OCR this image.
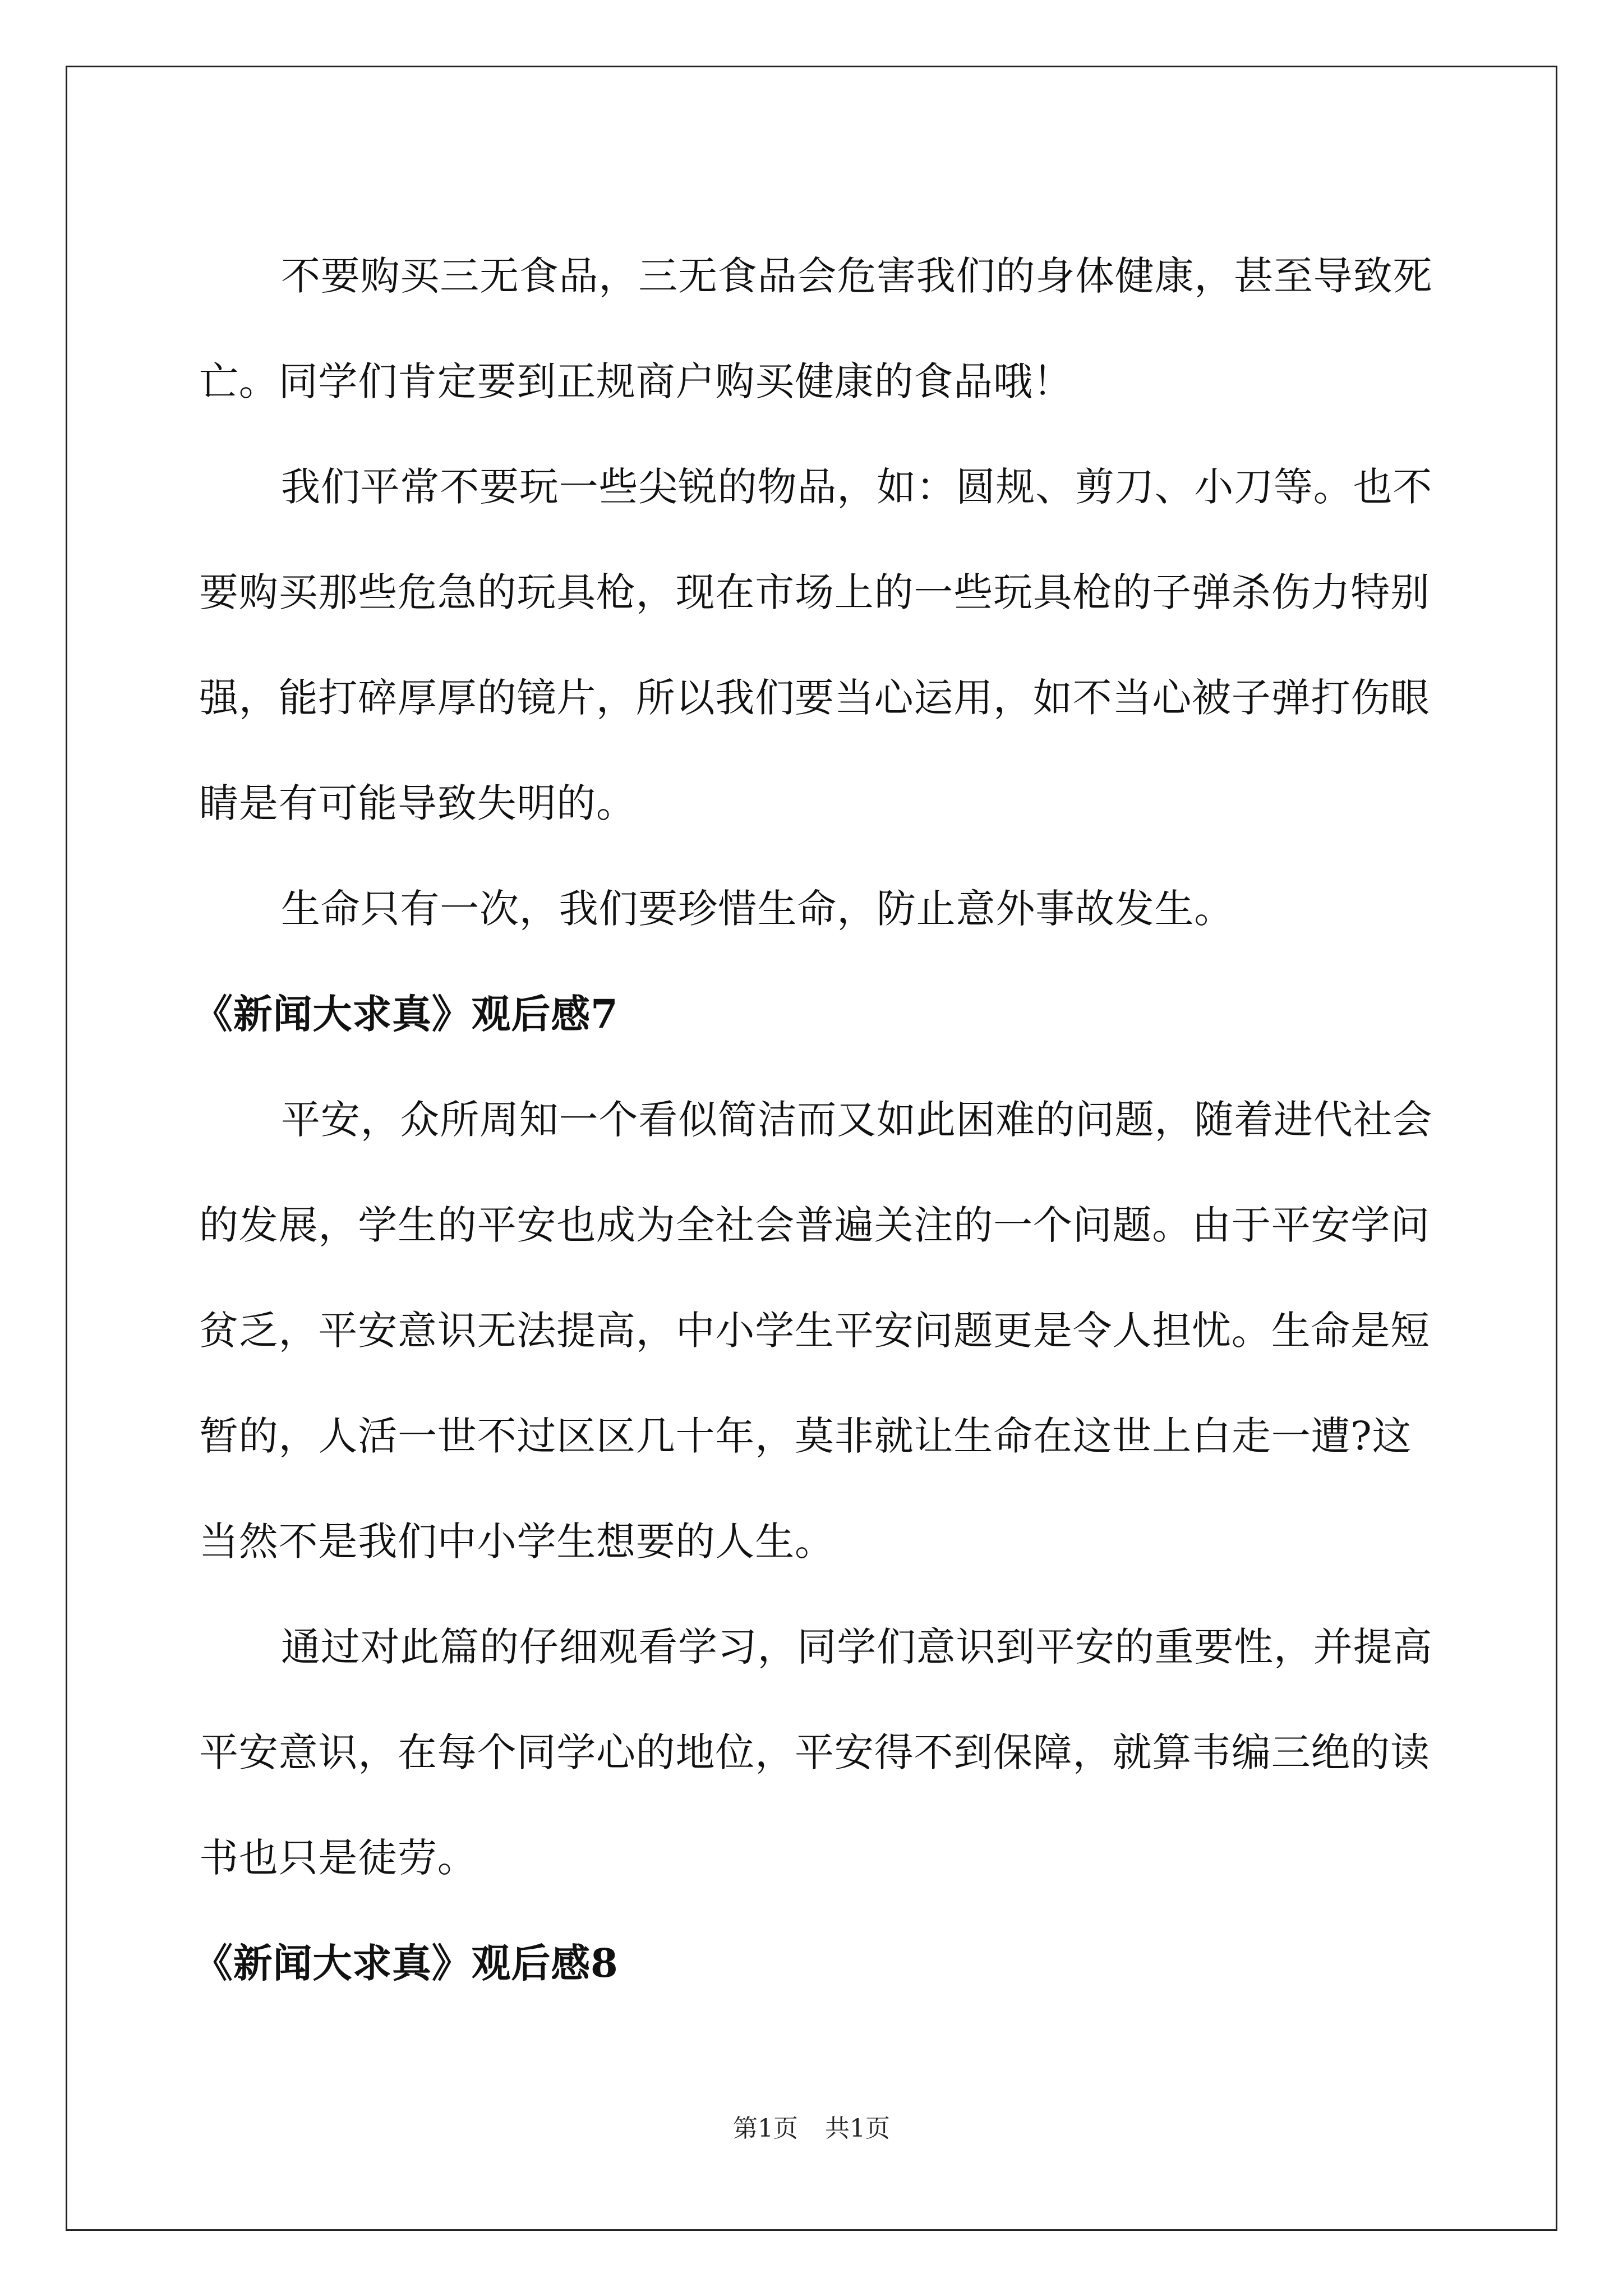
不要购买三无食品，三无食品会危害我们的身体健康，甚至导致死亡。同学们肯定要到正规商户购买健康的食品哦！

我们平常不要玩一些尖锐的物品，如：圆规、剪刀、小刀等。也不要购买那些危急的玩具枪，现在市场上的一些玩具枪的子弹杀伤力特别强，能打碎厚厚的镜片，所以我们要当心运用，如不当心被子弹打伤眼睛是有可能导致失明的。

生命只有一次，我们要珍惜生命，防止意外事故发生。

《新闻大求真》观后感7

平安，众所周知一个看似简洁而又如此困难的问题，随着进代社会的发展，学生的平安也成为全社会普遍关注的一个问题。由于平安学问贫乏，平安意识无法提高，中小学生平安问题更是令人担忧。生命是短暂的，人活一世不过区区几十年，莫非就让生命在这世上白走一遭?这当然不是我们中小学生想要的人生。

通过对此篇的仔细观看学习，同学们意识到平安的重要性，并提高平安意识，在每个同学心的地位，平安得不到保障，就算韦编三绝的读书也只是徒劳。

《新闻大求真》观后感8
第1页 共1页
